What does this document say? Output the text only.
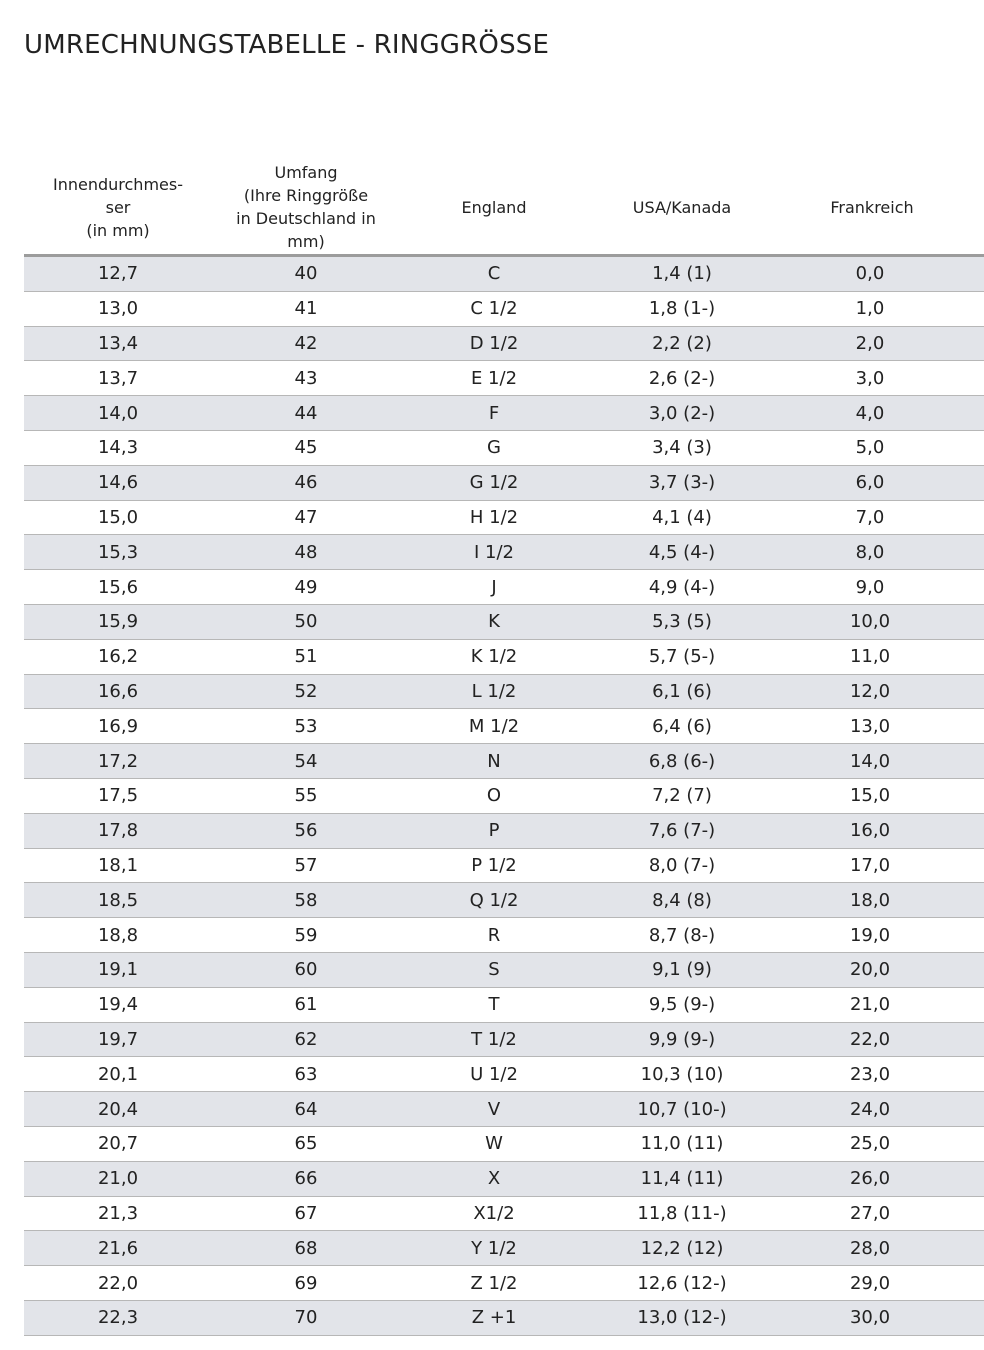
UMRECHNUNGSTABELLE - RINGGRÖSSE
Innendurchmes-
ser
(in mm)	Umfang
(Ihre Ringgröße
in Deutschland in
mm)	England	USA/Kanada	Frankreich
12,7	40	C	1,4 (1)	0,0
13,0	41	C 1/2	1,8 (1-)	1,0
13,4	42	D 1/2	2,2 (2)	2,0
13,7	43	E 1/2	2,6 (2-)	3,0
14,0	44	F	3,0 (2-)	4,0
14,3	45	G	3,4 (3)	5,0
14,6	46	G 1/2	3,7 (3-)	6,0
15,0	47	H 1/2	4,1 (4)	7,0
15,3	48	I 1/2	4,5 (4-)	8,0
15,6	49	J	4,9 (4-)	9,0
15,9	50	K	5,3 (5)	10,0
16,2	51	K 1/2	5,7 (5-)	11,0
16,6	52	L 1/2	6,1 (6)	12,0
16,9	53	M 1/2	6,4 (6)	13,0
17,2	54	N	6,8 (6-)	14,0
17,5	55	O	7,2 (7)	15,0
17,8	56	P	7,6 (7-)	16,0
18,1	57	P 1/2	8,0 (7-)	17,0
18,5	58	Q 1/2	8,4 (8)	18,0
18,8	59	R	8,7 (8-)	19,0
19,1	60	S	9,1 (9)	20,0
19,4	61	T	9,5 (9-)	21,0
19,7	62	T 1/2	9,9 (9-)	22,0
20,1	63	U 1/2	10,3 (10)	23,0
20,4	64	V	10,7 (10-)	24,0
20,7	65	W	11,0 (11)	25,0
21,0	66	X	11,4 (11)	26,0
21,3	67	X1/2	11,8 (11-)	27,0
21,6	68	Y 1/2	12,2 (12)	28,0
22,0	69	Z 1/2	12,6 (12-)	29,0
22,3	70	Z +1	13,0 (12-)	30,0
